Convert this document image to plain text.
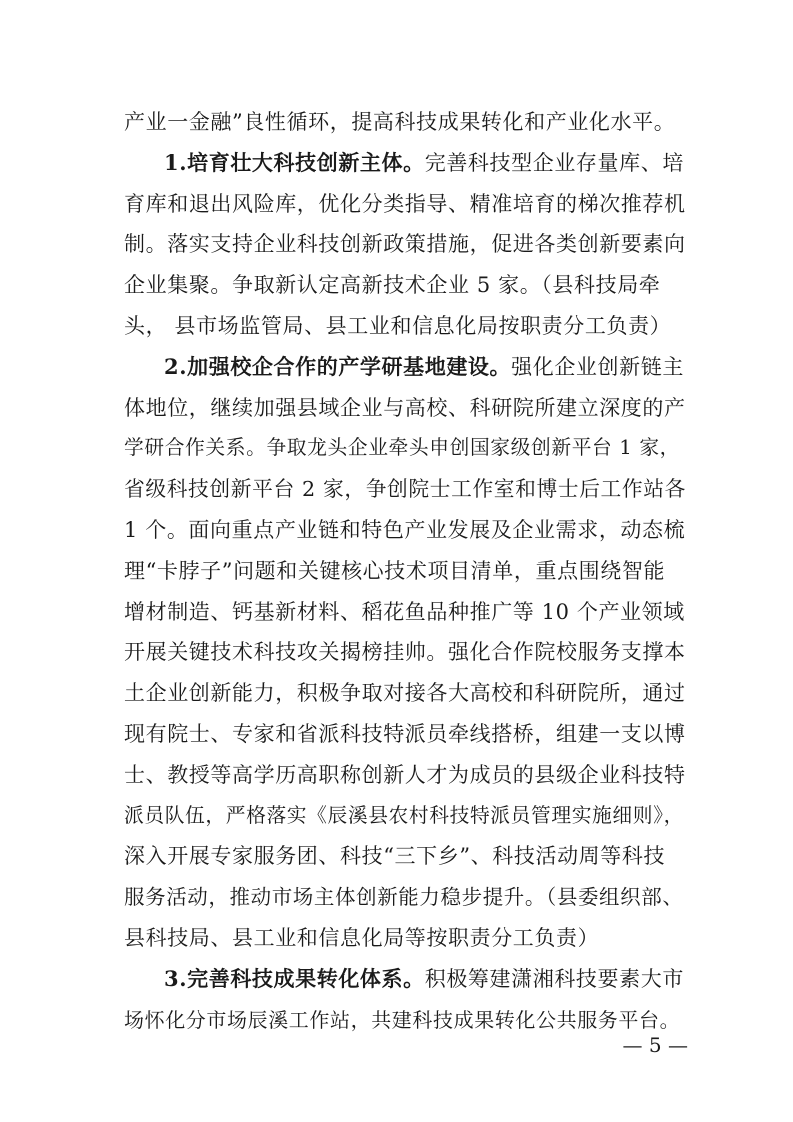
产业一金融”良性循环，提高科技成果转化和产业化水平。
1.培育壮大科技创新主体。完善科技型企业存量库、培
育库和退出风险库，优化分类指导、精准培育的梯次推荐机
制。落实支持企业科技创新政策措施，促进各类创新要素向
企业集聚。争取新认定高新技术企业 5 家。（县科技局牵
头， 县市场监管局、县工业和信息化局按职责分工负责）
2.加强校企合作的产学研基地建设。强化企业创新链主
体地位，继续加强县域企业与高校、科研院所建立深度的产
学研合作关系。争取龙头企业牵头申创国家级创新平台 1 家，
省级科技创新平台 2 家，争创院士工作室和博士后工作站各
1 个。面向重点产业链和特色产业发展及企业需求，动态梳
理“卡脖子”问题和关键核心技术项目清单，重点围绕智能
增材制造、钙基新材料、稻花鱼品种推广等 10 个产业领域
开展关键技术科技攻关揭榜挂帅。强化合作院校服务支撑本
土企业创新能力，积极争取对接各大高校和科研院所，通过
现有院士、专家和省派科技特派员牵线搭桥，组建一支以博
士、教授等高学历高职称创新人才为成员的县级企业科技特
派员队伍，严格落实《辰溪县农村科技特派员管理实施细则》，
深入开展专家服务团、科技“三下乡”、科技活动周等科技
服务活动，推动市场主体创新能力稳步提升。（县委组织部、
县科技局、县工业和信息化局等按职责分工负责）
3.完善科技成果转化体系。积极筹建潇湘科技要素大市
场怀化分市场辰溪工作站，共建科技成果转化公共服务平台。
— 5 —
